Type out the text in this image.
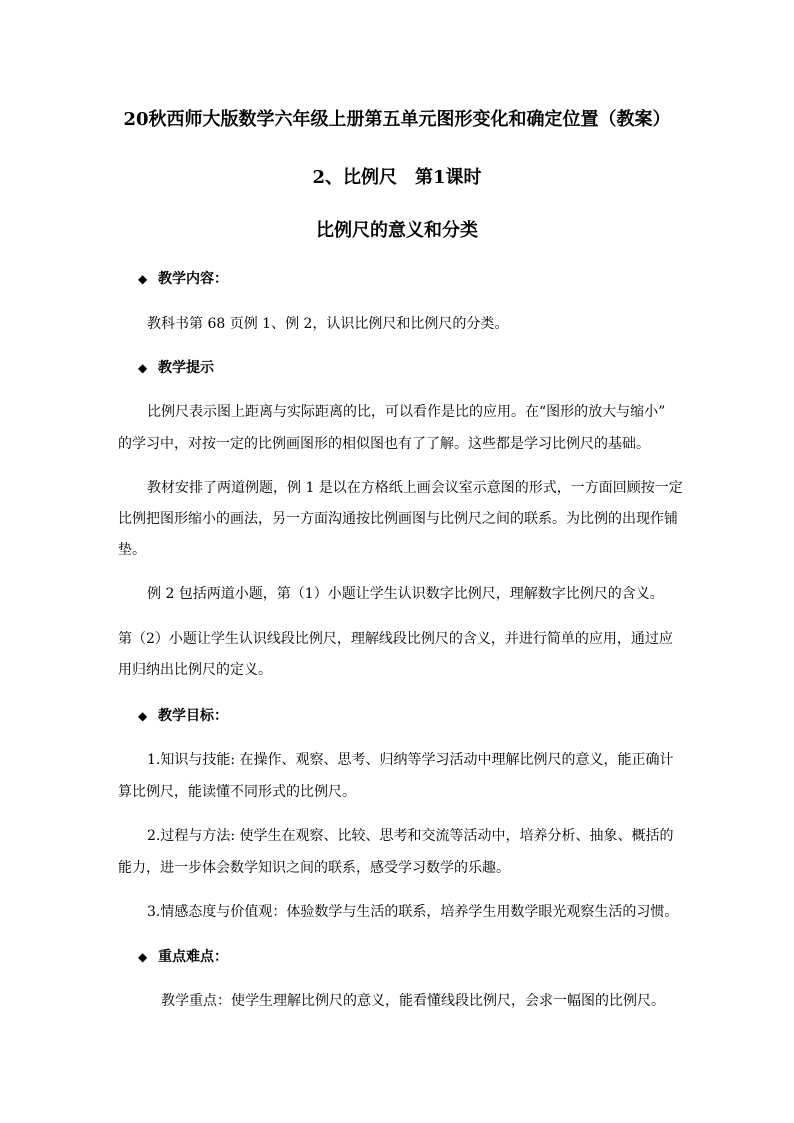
20秋西师大版数学六年级上册第五单元图形变化和确定位置（教案）
2、比例尺　第1课时
比例尺的意义和分类
◆ 教学内容：
教科书第 68 页例 1、例 2，认识比例尺和比例尺的分类。
◆ 教学提示
比例尺表示图上距离与实际距离的比，可以看作是比的应用。在“图形的放大与缩小”
的学习中，对按一定的比例画图形的相似图也有了了解。这些都是学习比例尺的基础。
教材安排了两道例题，例 1 是以在方格纸上画会议室示意图的形式，一方面回顾按一定
比例把图形缩小的画法，另一方面沟通按比例画图与比例尺之间的联系。为比例的出现作铺
垫。
例 2 包括两道小题，第（1）小题让学生认识数字比例尺，理解数字比例尺的含义。
第（2）小题让学生认识线段比例尺，理解线段比例尺的含义，并进行简单的应用，通过应
用归纳出比例尺的定义。
◆ 教学目标：
1.知识与技能: 在操作、观察、思考、归纳等学习活动中理解比例尺的意义，能正确计
算比例尺，能读懂不同形式的比例尺。
2.过程与方法: 使学生在观察、比较、思考和交流等活动中，培养分析、抽象、概括的
能力，进一步体会数学知识之间的联系，感受学习数学的乐趣。
3.情感态度与价值观：体验数学与生活的联系，培养学生用数学眼光观察生活的习惯。
◆ 重点难点：
教学重点：使学生理解比例尺的意义，能看懂线段比例尺，会求一幅图的比例尺。
